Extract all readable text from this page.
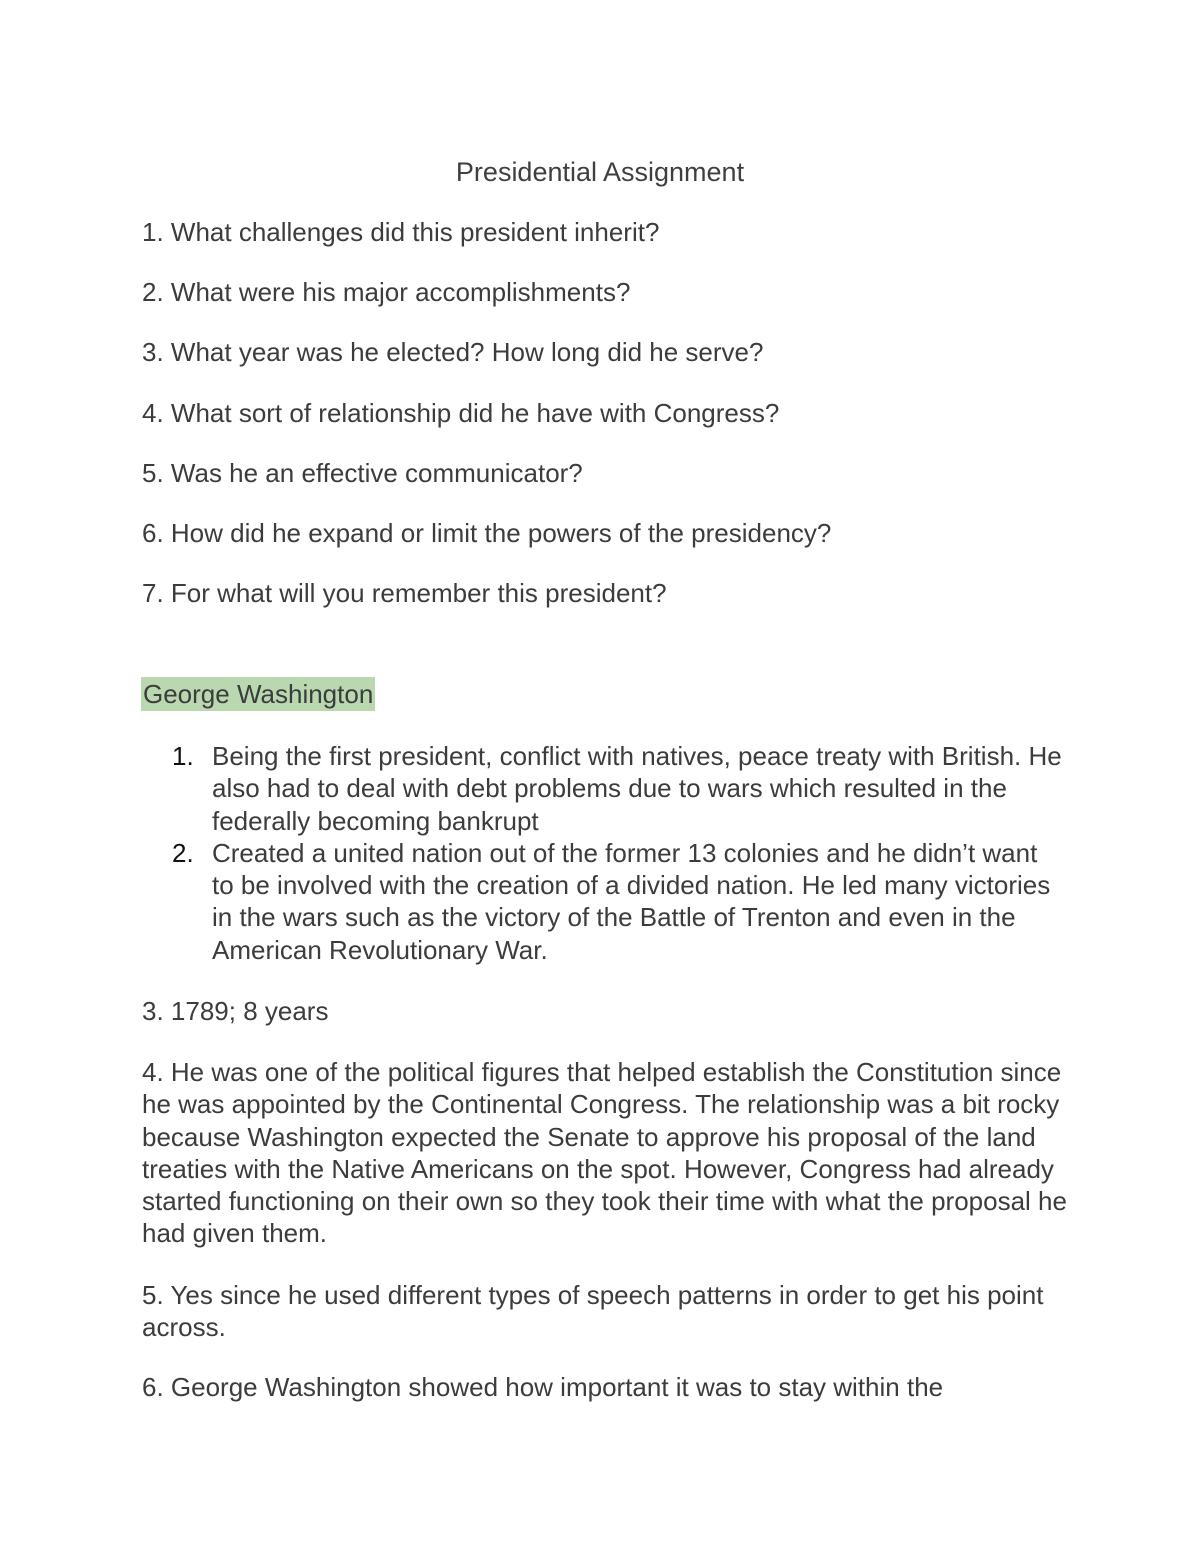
Presidential Assignment
1. What challenges did this president inherit?
2. What were his major accomplishments?
3. What year was he elected? How long did he serve?
4. What sort of relationship did he have with Congress?
5. Was he an effective communicator?
6. How did he expand or limit the powers of the presidency?
7. For what will you remember this president?
George Washington
1. Being the first president, conflict with natives, peace treaty with British. He also had to deal with debt problems due to wars which resulted in the federally becoming bankrupt
2. Created a united nation out of the former 13 colonies and he didn’t want to be involved with the creation of a divided nation. He led many victories in the wars such as the victory of the Battle of Trenton and even in the American Revolutionary War.
3. 1789; 8 years
4. He was one of the political figures that helped establish the Constitution since he was appointed by the Continental Congress. The relationship was a bit rocky because Washington expected the Senate to approve his proposal of the land treaties with the Native Americans on the spot. However, Congress had already started functioning on their own so they took their time with what the proposal he had given them.
5. Yes since he used different types of speech patterns in order to get his point across.
6. George Washington showed how important it was to stay within the
